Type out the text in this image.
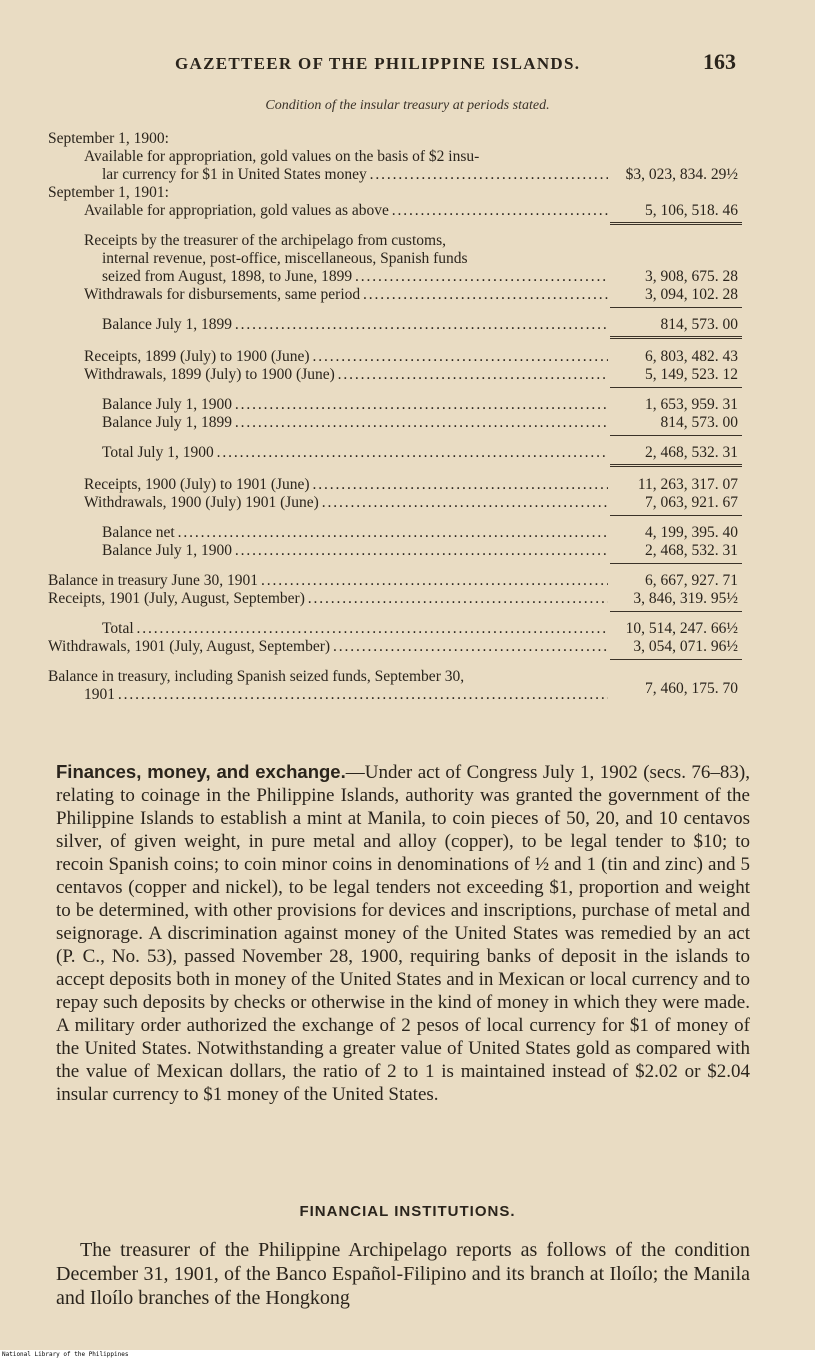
GAZETTEER OF THE PHILIPPINE ISLANDS.	163
Condition of the insular treasury at periods stated.
September 1, 1900:
Available for appropriation, gold values on the basis of $2 insu-
lar currency for $1 in United States money . . .	$3, 023, 834. 29½
September 1, 1901:
Available for appropriation, gold values as above . . .	5, 106, 518. 46
Receipts by the treasurer of the archipelago from customs,
internal revenue, post-office, miscellaneous, Spanish funds
seized from August, 1898, to June, 1899 . . .	3, 908, 675. 28
Withdrawals for disbursements, same period . . .	3, 094, 102. 28
Balance July 1, 1899 . . .	814, 573. 00
Receipts, 1899 (July) to 1900 (June) . . .	6, 803, 482. 43
Withdrawals, 1899 (July) to 1900 (June) . . .	5, 149, 523. 12
Balance July 1, 1900 . . .	1, 653, 959. 31
Balance July 1, 1899 . . .	814, 573. 00
Total July 1, 1900 . . .	2, 468, 532. 31
Receipts, 1900 (July) to 1901 (June) . . .	11, 263, 317. 07
Withdrawals, 1900 (July) 1901 (June) . . .	7, 063, 921. 67
Balance net . . .	4, 199, 395. 40
Balance July 1, 1900 . . .	2, 468, 532. 31
Balance in treasury June 30, 1901 . . .	6, 667, 927. 71
Receipts, 1901 (July, August, September) . . .	3, 846, 319. 95½
Total . . .	10, 514, 247. 66½
Withdrawals, 1901 (July, August, September) . . .	3, 054, 071. 96½
Balance in treasury, including Spanish seized funds, September 30,
1901 . . .	7, 460, 175. 70
Finances, money, and exchange.—Under act of Congress July 1, 1902 (secs. 76–83), relating to coinage in the Philippine Islands, authority was granted the government of the Philippine Islands to establish a mint at Manila, to coin pieces of 50, 20, and 10 centavos silver, of given weight, in pure metal and alloy (copper), to be legal tender to $10; to recoin Spanish coins; to coin minor coins in denominations of ½ and 1 (tin and zinc) and 5 centavos (copper and nickel), to be legal tenders not exceeding $1, proportion and weight to be determined, with other provisions for devices and inscriptions, purchase of metal and seignorage. A discrimination against money of the United States was remedied by an act (P. C., No. 53), passed November 28, 1900, requiring banks of deposit in the islands to accept deposits both in money of the United States and in Mexican or local currency and to repay such deposits by checks or otherwise in the kind of money in which they were made. A military order authorized the exchange of 2 pesos of local currency for $1 of money of the United States. Notwithstanding a greater value of United States gold as compared with the value of Mexican dollars, the ratio of 2 to 1 is maintained instead of $2.02 or $2.04 insular currency to $1 money of the United States.
FINANCIAL INSTITUTIONS.
The treasurer of the Philippine Archipelago reports as follows of the condition December 31, 1901, of the Banco Español-Filipino and its branch at Iloílo; the Manila and Iloílo branches of the Hongkong
National Library of the Philippines
